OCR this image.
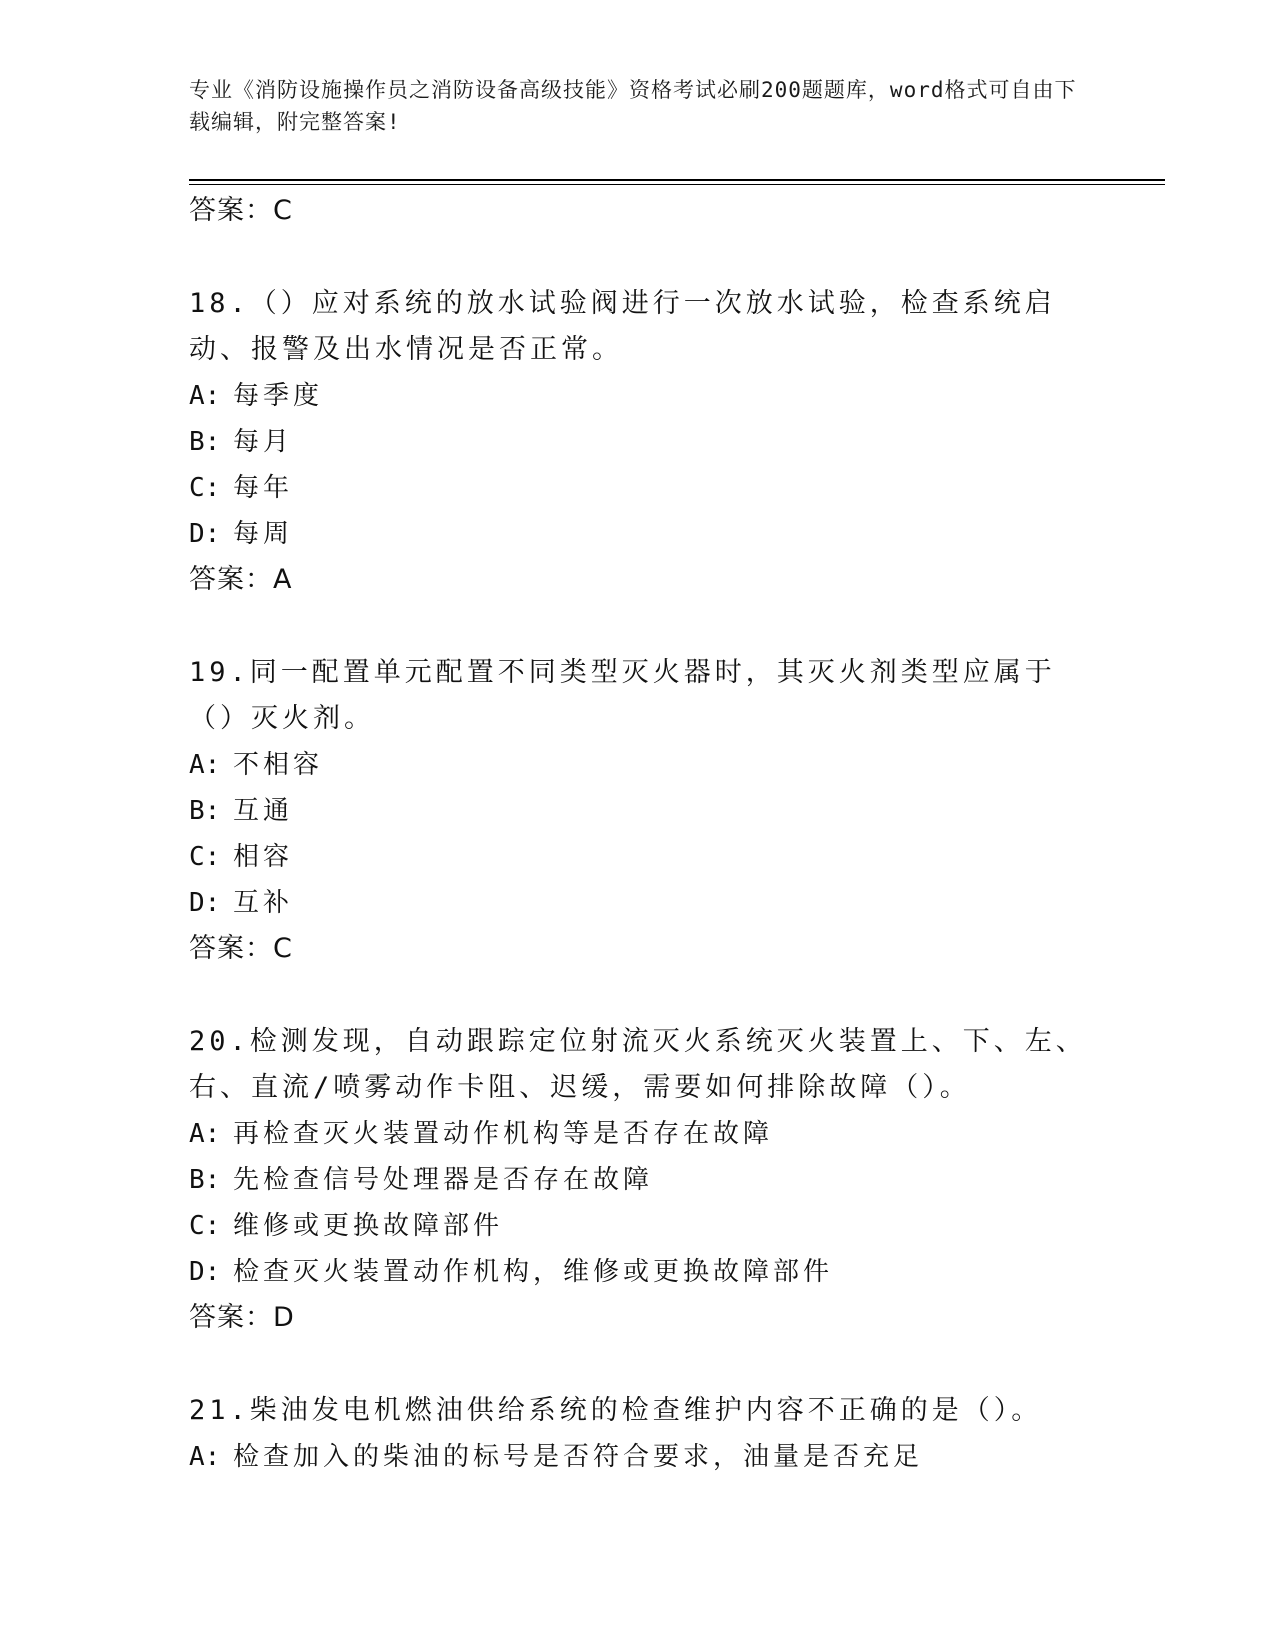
专业《消防设施操作员之消防设备高级技能》资格考试必刷200题题库，word格式可自由下载编辑，附完整答案!
答案：C
18.（）应对系统的放水试验阀进行一次放水试验，检查系统启动、报警及出水情况是否正常。
A: 每季度
B: 每月
C: 每年
D: 每周
答案：A
19.同一配置单元配置不同类型灭火器时，其灭火剂类型应属于（）灭火剂。
A: 不相容
B: 互通
C: 相容
D: 互补
答案：C
20.检测发现，自动跟踪定位射流灭火系统灭火装置上、下、左、右、直流/喷雾动作卡阻、迟缓，需要如何排除故障（）。
A: 再检查灭火装置动作机构等是否存在故障
B: 先检查信号处理器是否存在故障
C: 维修或更换故障部件
D: 检查灭火装置动作机构，维修或更换故障部件
答案：D
21.柴油发电机燃油供给系统的检查维护内容不正确的是（）。
A: 检查加入的柴油的标号是否符合要求，油量是否充足
